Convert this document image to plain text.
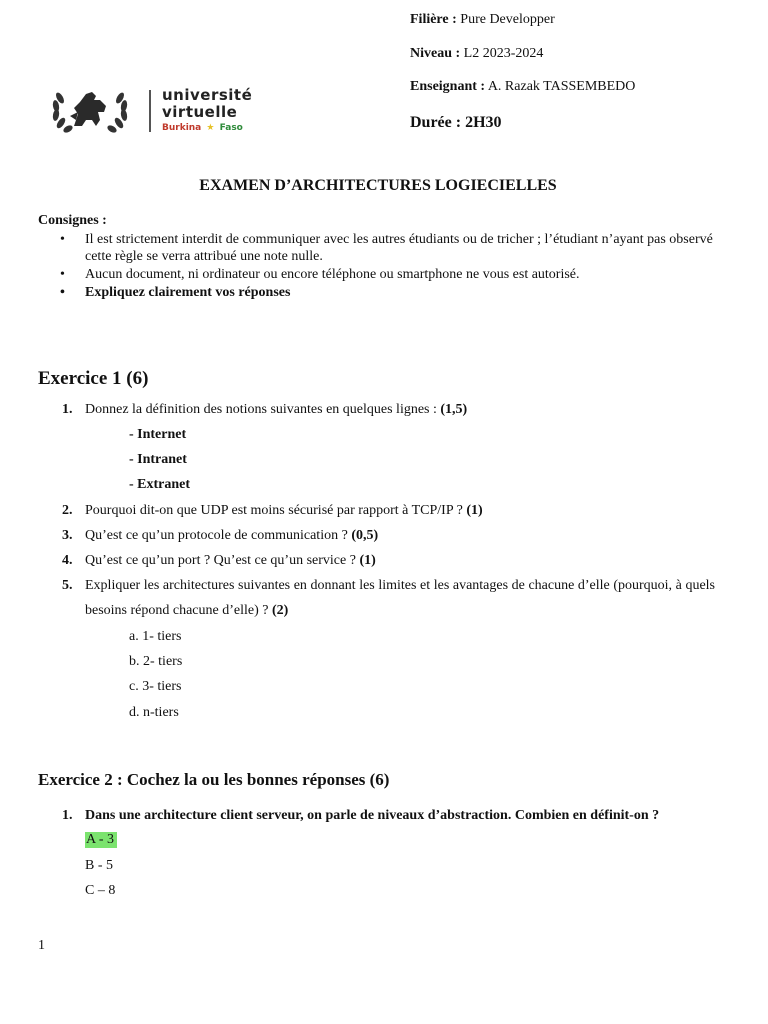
Filière : Pure Developper
Niveau : L2 2023-2024
Enseignant : A. Razak TASSEMBEDO
Durée : 2H30
université
virtuelle
Burkina ★ Faso
EXAMEN D’ARCHITECTURES LOGIECIELLES
Consignes :
• Il est strictement interdit de communiquer avec les autres étudiants ou de tricher ; l’étudiant n’ayant pas observé cette règle se verra attribué une note nulle.
• Aucun document, ni ordinateur ou encore téléphone ou smartphone ne vous est autorisé.
• Expliquez clairement vos réponses
Exercice 1 (6)
1. Donnez la définition des notions suivantes en quelques lignes : (1,5)
- Internet
- Intranet
- Extranet
2. Pourquoi dit-on que UDP est moins sécurisé par rapport à TCP/IP ? (1)
3. Qu’est ce qu’un protocole de communication ? (0,5)
4. Qu’est ce qu’un port ? Qu’est ce qu’un service ? (1)
5. Expliquer les architectures suivantes en donnant les limites et les avantages de chacune d’elle (pourquoi, à quels besoins répond chacune d’elle) ? (2)
a. 1- tiers
b. 2- tiers
c. 3- tiers
d. n-tiers
Exercice 2 : Cochez la ou les bonnes réponses (6)
1. Dans une architecture client serveur, on parle de niveaux d’abstraction. Combien en définit-on ?
A - 3
B - 5
C – 8
1
